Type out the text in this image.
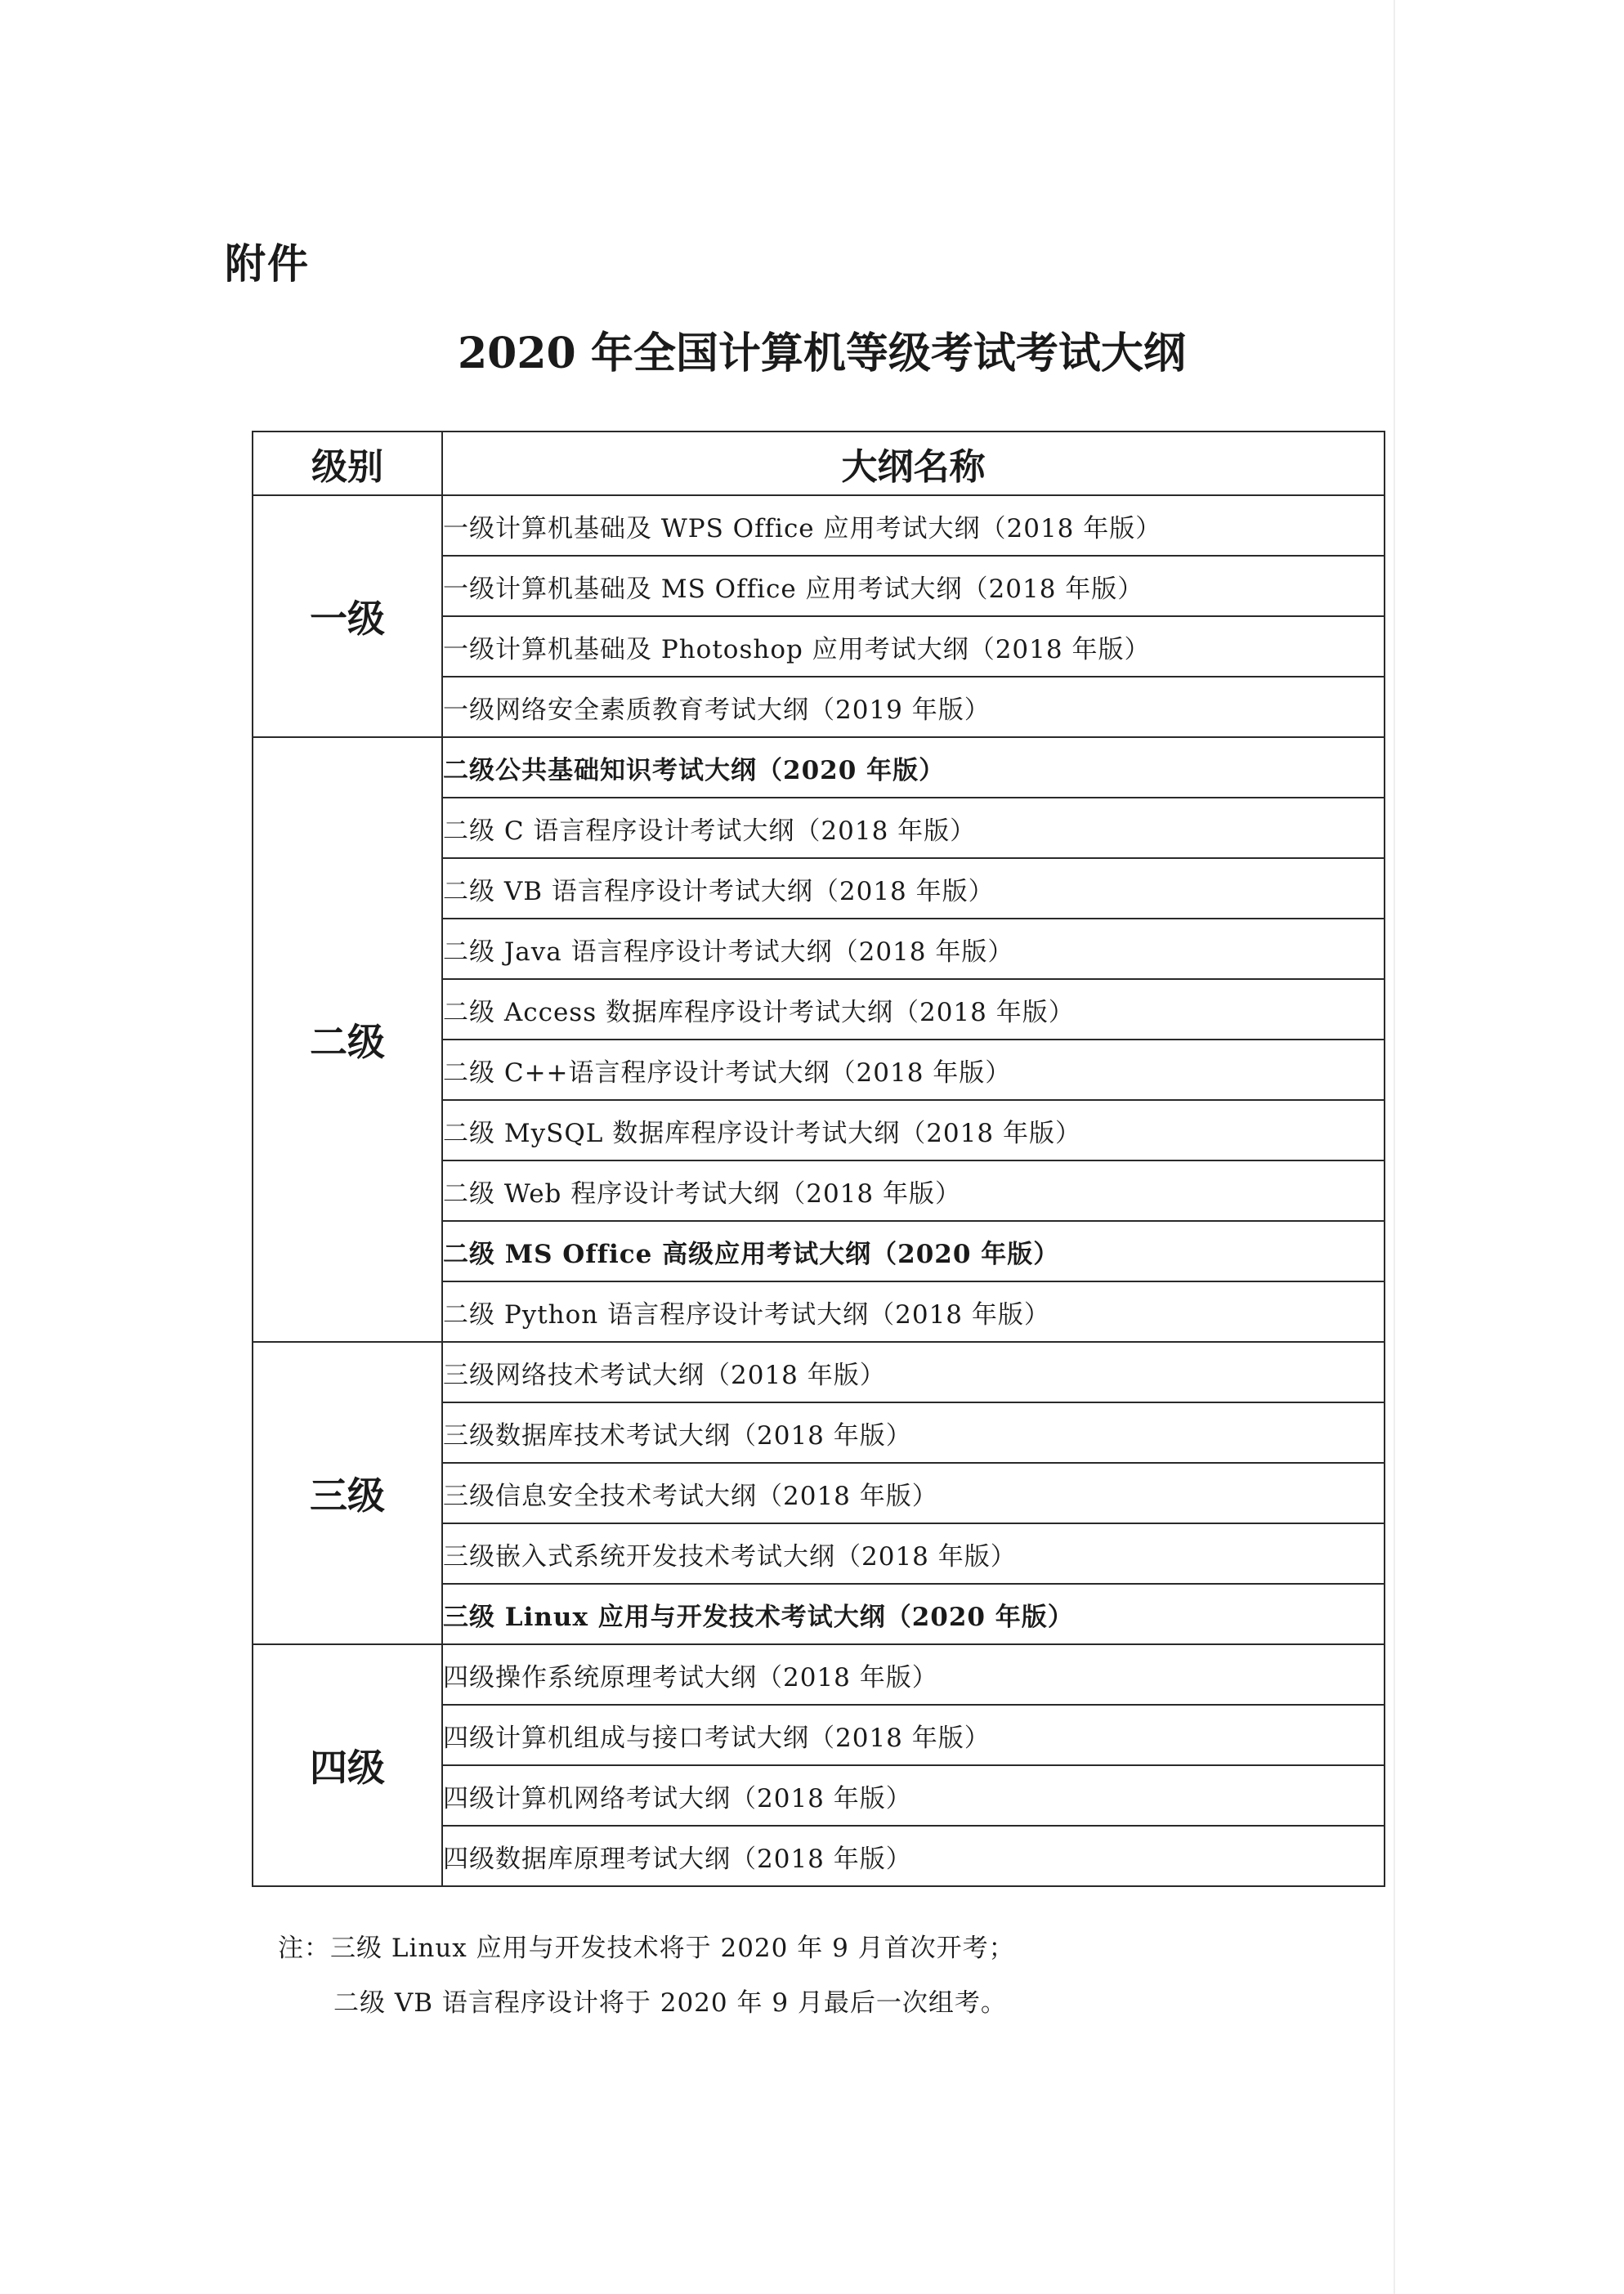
附件
2020 年全国计算机等级考试考试大纲
级别	大纲名称
一级	一级计算机基础及 WPS Office 应用考试大纲（2018 年版）
	一级计算机基础及 MS Office 应用考试大纲（2018 年版）
	一级计算机基础及 Photoshop 应用考试大纲（2018 年版）
	一级网络安全素质教育考试大纲（2019 年版）
二级	二级公共基础知识考试大纲（2020 年版）
	二级 C 语言程序设计考试大纲（2018 年版）
	二级 VB 语言程序设计考试大纲（2018 年版）
	二级 Java 语言程序设计考试大纲（2018 年版）
	二级 Access 数据库程序设计考试大纲（2018 年版）
	二级 C++语言程序设计考试大纲（2018 年版）
	二级 MySQL 数据库程序设计考试大纲（2018 年版）
	二级 Web 程序设计考试大纲（2018 年版）
	二级 MS Office 高级应用考试大纲（2020 年版）
	二级 Python 语言程序设计考试大纲（2018 年版）
三级	三级网络技术考试大纲（2018 年版）
	三级数据库技术考试大纲（2018 年版）
	三级信息安全技术考试大纲（2018 年版）
	三级嵌入式系统开发技术考试大纲（2018 年版）
	三级 Linux 应用与开发技术考试大纲（2020 年版）
四级	四级操作系统原理考试大纲（2018 年版）
	四级计算机组成与接口考试大纲（2018 年版）
	四级计算机网络考试大纲（2018 年版）
	四级数据库原理考试大纲（2018 年版）
注：三级 Linux 应用与开发技术将于 2020 年 9 月首次开考；
二级 VB 语言程序设计将于 2020 年 9 月最后一次组考。
